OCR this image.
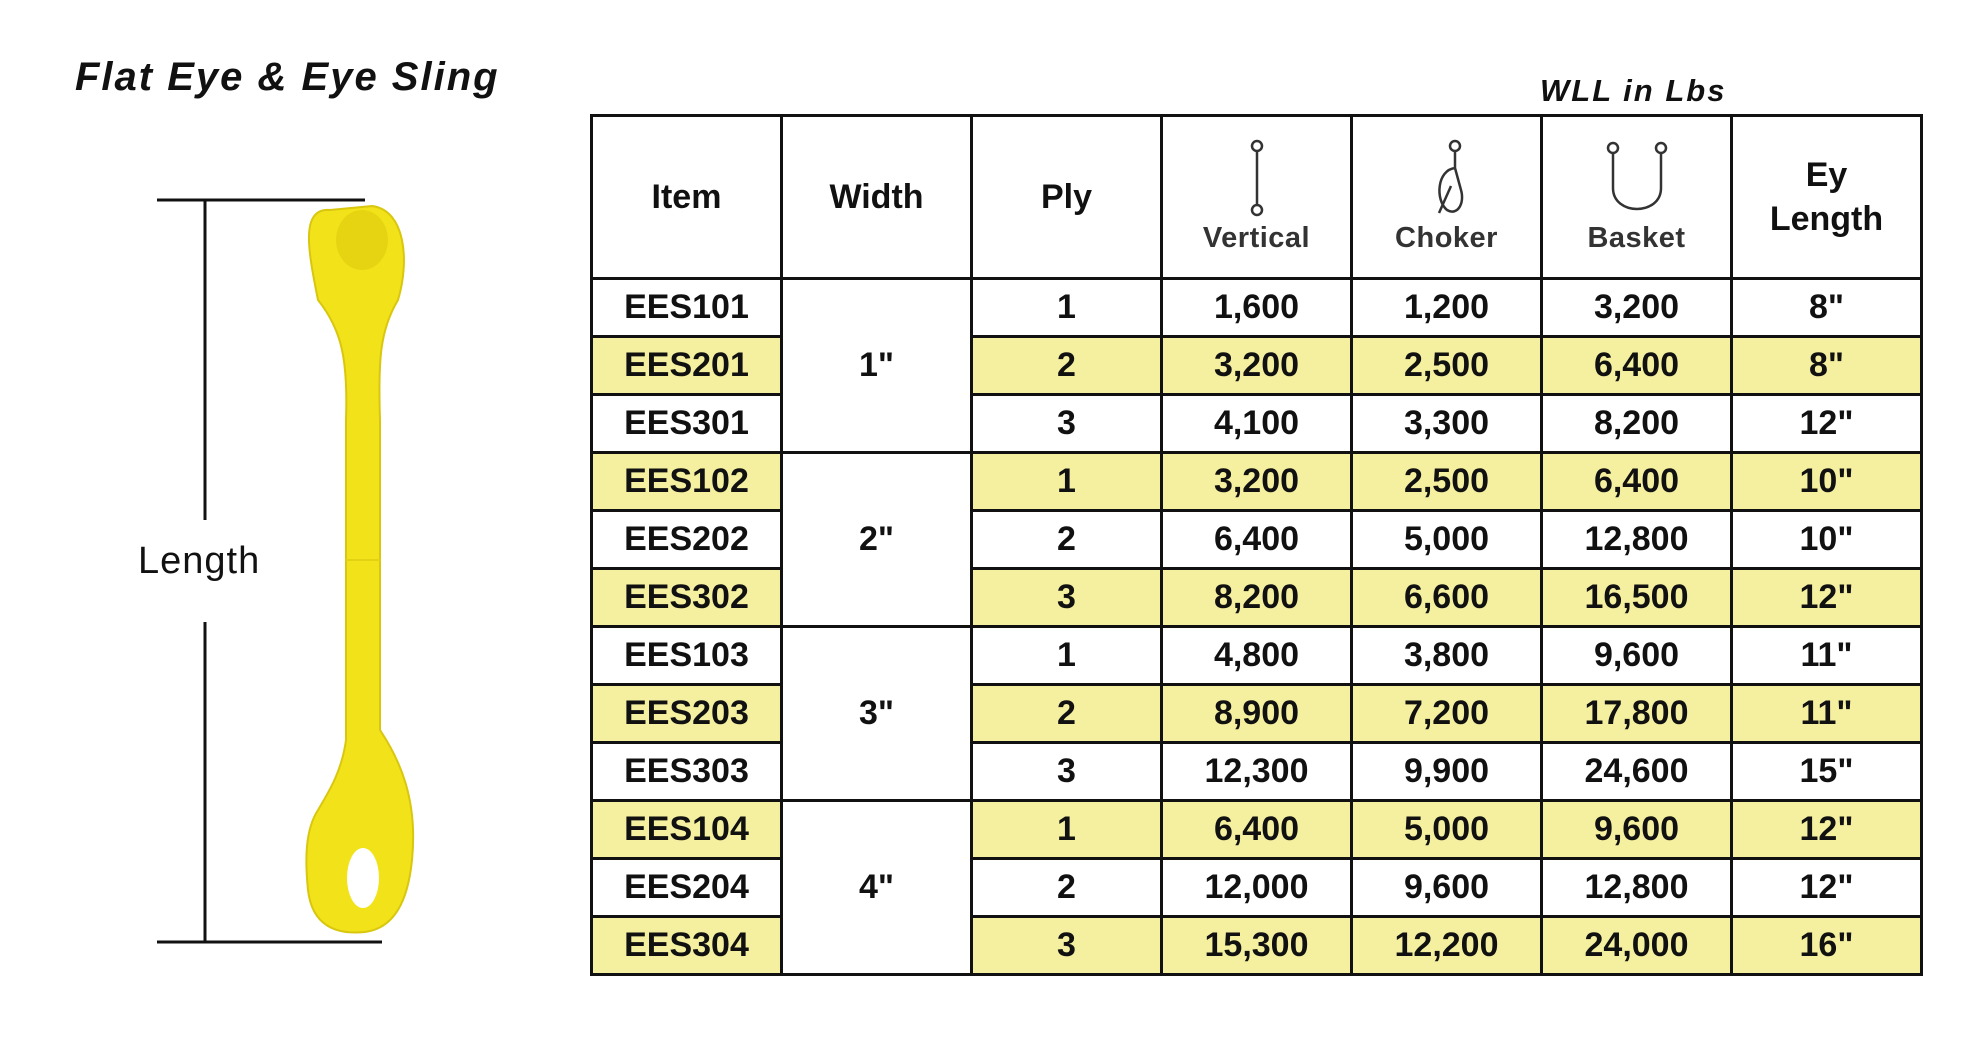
Flat Eye & Eye Sling	WLL in Lbs
Length
Item	Width	Ply	Vertical	Choker	Basket	Ey
Length
EES101	1"	1	1,600	1,200	3,200	8"
EES201		2	3,200	2,500	6,400	8"
EES301		3	4,100	3,300	8,200	12"
EES102	2"	1	3,200	2,500	6,400	10"
EES202		2	6,400	5,000	12,800	10"
EES302		3	8,200	6,600	16,500	12"
EES103	3"	1	4,800	3,800	9,600	11"
EES203		2	8,900	7,200	17,800	11"
EES303		3	12,300	9,900	24,600	15"
EES104	4"	1	6,400	5,000	9,600	12"
EES204		2	12,000	9,600	12,800	12"
EES304		3	15,300	12,200	24,000	16"
